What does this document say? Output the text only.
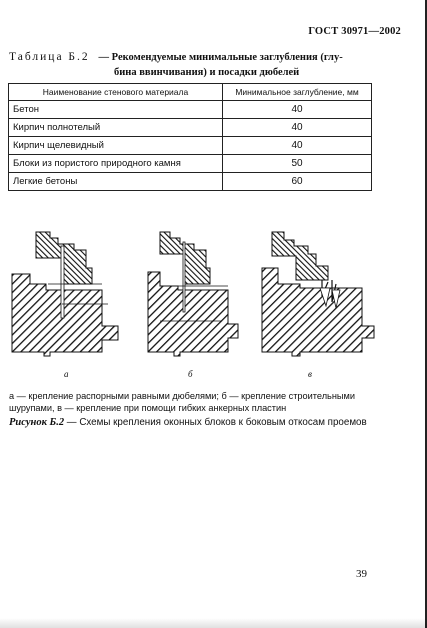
ГОСТ 30971—2002
Таблица Б.2 — Рекомендуемые минимальные заглубления (глу-
бина ввинчивания) и посадки дюбелей
Наименование стенового материала	Минимальное заглубление, мм
Бетон	40
Кирпич полнотелый	40
Кирпич щелевидный	40
Блоки из пористого природного камня	50
Легкие бетоны	60
а	б	в
а — крепление распорными равными дюбелями; б — крепление строительными шурупами, в — крепление при помощи гибких анкерных пластин
Рисунок Б.2 — Схемы крепления оконных блоков к боковым откосам проемов
39
